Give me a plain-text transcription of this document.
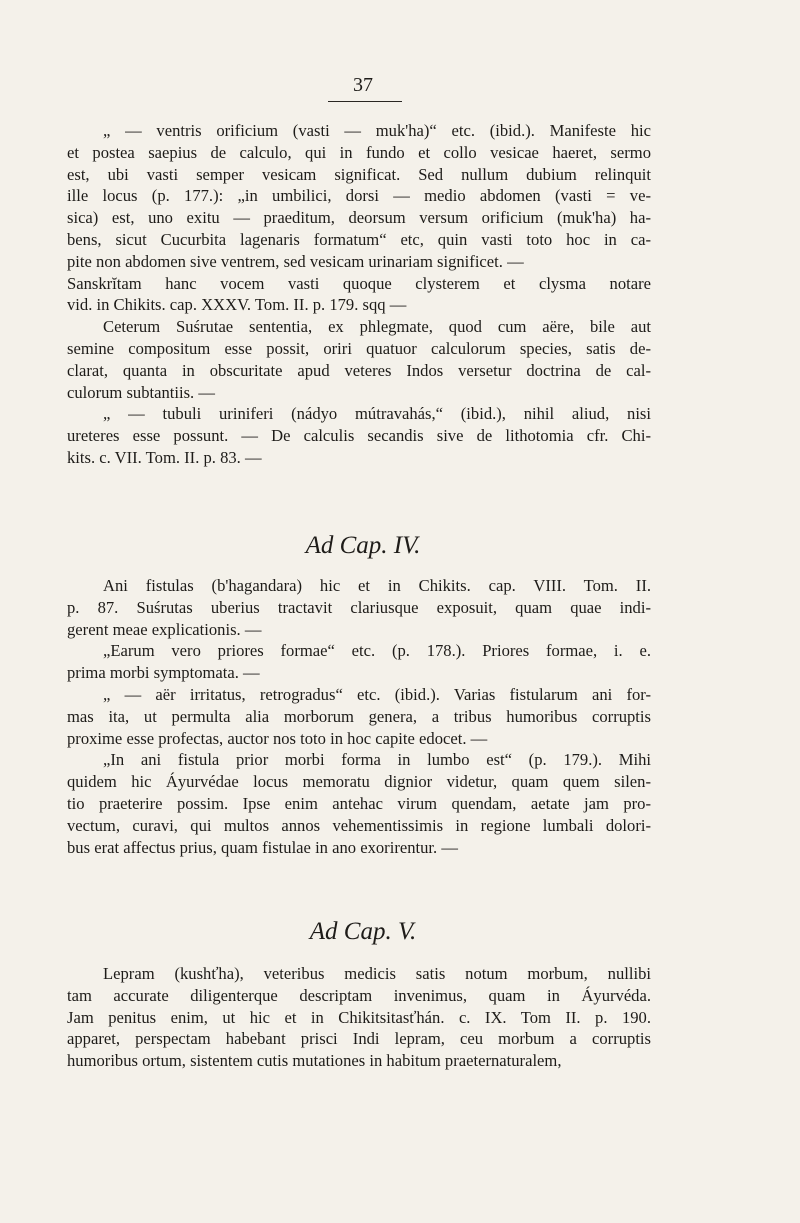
37
„ — ventris orificium (vasti — muk'ha)“ etc. (ibid.). Manifeste hic
et postea saepius de calculo, qui in fundo et collo vesicae haeret, sermo
est, ubi vasti semper vesicam significat. Sed nullum dubium relinquit
ille locus (p. 177.): „in umbilici, dorsi — medio abdomen (vasti = ve-
sica) est, uno exitu — praeditum, deorsum versum orificium (muk'ha) ha-
bens, sicut Cucurbita lagenaris formatum“ etc, quin vasti toto hoc in ca-
pite non abdomen sive ventrem, sed vesicam urinariam significet. —
Sanskrĭtam hanc vocem vasti quoque clysterem et clysma notare
vid. in Chikits. cap. XXXV. Tom. II. p. 179. sqq —
Ceterum Suśrutae sententia, ex phlegmate, quod cum aëre, bile aut
semine compositum esse possit, oriri quatuor calculorum species, satis de-
clarat, quanta in obscuritate apud veteres Indos versetur doctrina de cal-
culorum subtantiis. —
„ — tubuli uriniferi (nádyo mútravahás,“ (ibid.), nihil aliud, nisi
ureteres esse possunt. — De calculis secandis sive de lithotomia cfr. Chi-
kits. c. VII. Tom. II. p. 83. —
Ad Cap. IV.
Ani fistulas (b'hagandara) hic et in Chikits. cap. VIII. Tom. II.
p. 87. Suśrutas uberius tractavit clariusque exposuit, quam quae indi-
gerent meae explicationis. —
„Earum vero priores formae“ etc. (p. 178.). Priores formae, i. e.
prima morbi symptomata. —
„ — aër irritatus, retrogradus“ etc. (ibid.). Varias fistularum ani for-
mas ita, ut permulta alia morborum genera, a tribus humoribus corruptis
proxime esse profectas, auctor nos toto in hoc capite edocet. —
„In ani fistula prior morbi forma in lumbo est“ (p. 179.). Mihi
quidem hic Áyurvédae locus memoratu dignior videtur, quam quem silen-
tio praeterire possim. Ipse enim antehac virum quendam, aetate jam pro-
vectum, curavi, qui multos annos vehementissimis in regione lumbali dolori-
bus erat affectus prius, quam fistulae in ano exorirentur. —
Ad Cap. V.
Lepram (kushťha), veteribus medicis satis notum morbum, nullibi
tam accurate diligenterque descriptam invenimus, quam in Áyurvéda.
Jam penitus enim, ut hic et in Chikitsitasťhán. c. IX. Tom II. p. 190.
apparet, perspectam habebant prisci Indi lepram, ceu morbum a corruptis
humoribus ortum, sistentem cutis mutationes in habitum praeternaturalem,
